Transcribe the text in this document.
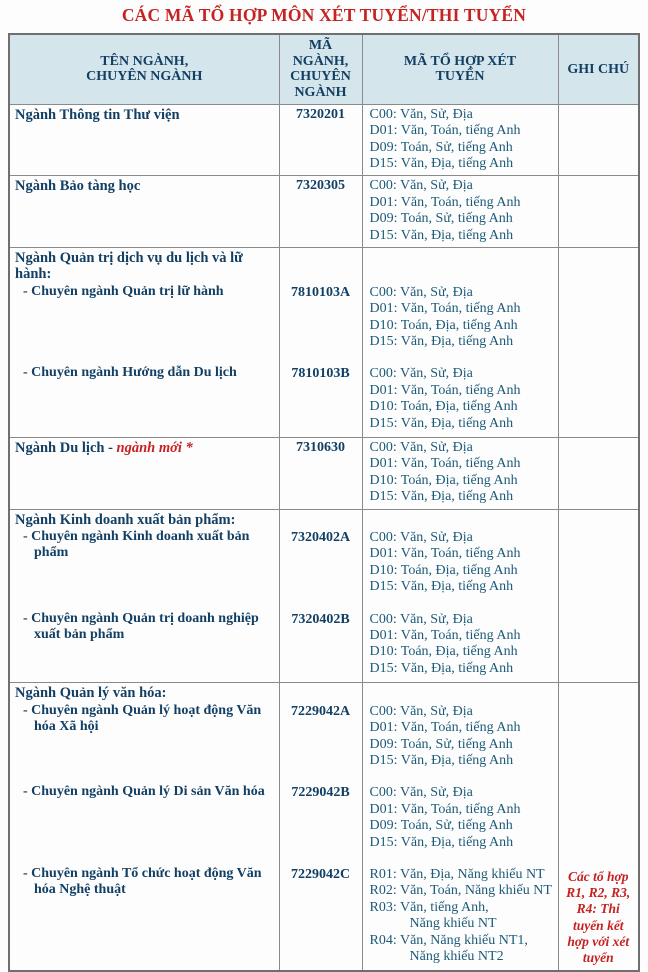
CÁC MÃ TỔ HỢP MÔN XÉT TUYỂN/THI TUYỂN
TÊN NGÀNH, CHUYÊN NGÀNH	MÃ NGÀNH, CHUYÊN NGÀNH	MÃ TỔ HỢP XÉT TUYỂN	GHI CHÚ
Ngành Thông tin Thư viện	7320201	C00: Văn, Sử, Địa
D01: Văn, Toán, tiếng Anh
D09: Toán, Sử, tiếng Anh
D15: Văn, Địa, tiếng Anh	

Ngành Bảo tàng học	7320305	C00: Văn, Sử, Địa
D01: Văn, Toán, tiếng Anh
D09: Toán, Sử, tiếng Anh
D15: Văn, Địa, tiếng Anh	

Ngành Quản trị dịch vụ du lịch và lữ hành:			
- Chuyên ngành Quản trị lữ hành	7810103A	C00: Văn, Sử, Địa
D01: Văn, Toán, tiếng Anh
D10: Toán, Địa, tiếng Anh
D15: Văn, Địa, tiếng Anh	

- Chuyên ngành Hướng dẫn Du lịch	7810103B	C00: Văn, Sử, Địa
D01: Văn, Toán, tiếng Anh
D10: Toán, Địa, tiếng Anh
D15: Văn, Địa, tiếng Anh	

Ngành Du lịch - ngành mới *	7310630	C00: Văn, Sử, Địa
D01: Văn, Toán, tiếng Anh
D10: Toán, Địa, tiếng Anh
D15: Văn, Địa, tiếng Anh	

Ngành Kinh doanh xuất bản phẩm:			
- Chuyên ngành Kinh doanh xuất bản phẩm	7320402A	C00: Văn, Sử, Địa
D01: Văn, Toán, tiếng Anh
D10: Toán, Địa, tiếng Anh
D15: Văn, Địa, tiếng Anh	

- Chuyên ngành Quản trị doanh nghiệp xuất bản phẩm	7320402B	C00: Văn, Sử, Địa
D01: Văn, Toán, tiếng Anh
D10: Toán, Địa, tiếng Anh
D15: Văn, Địa, tiếng Anh	

Ngành Quản lý văn hóa:			
- Chuyên ngành Quản lý hoạt động Văn hóa Xã hội	7229042A	C00: Văn, Sử, Địa
D01: Văn, Toán, tiếng Anh
D09: Toán, Sử, tiếng Anh
D15: Văn, Địa, tiếng Anh	

- Chuyên ngành Quản lý Di sản Văn hóa	7229042B	C00: Văn, Sử, Địa
D01: Văn, Toán, tiếng Anh
D09: Toán, Sử, tiếng Anh
D15: Văn, Địa, tiếng Anh	

- Chuyên ngành Tổ chức hoạt động Văn hóa Nghệ thuật	7229042C	R01: Văn, Địa, Năng khiếu NT
R02: Văn, Toán, Năng khiếu NT
R03: Văn, tiếng Anh,
Năng khiếu NT
R04: Văn, Năng khiếu NT1,
Năng khiếu NT2

Các tổ hợp R1, R2, R3, R4: Thi tuyển kết hợp với xét tuyển
